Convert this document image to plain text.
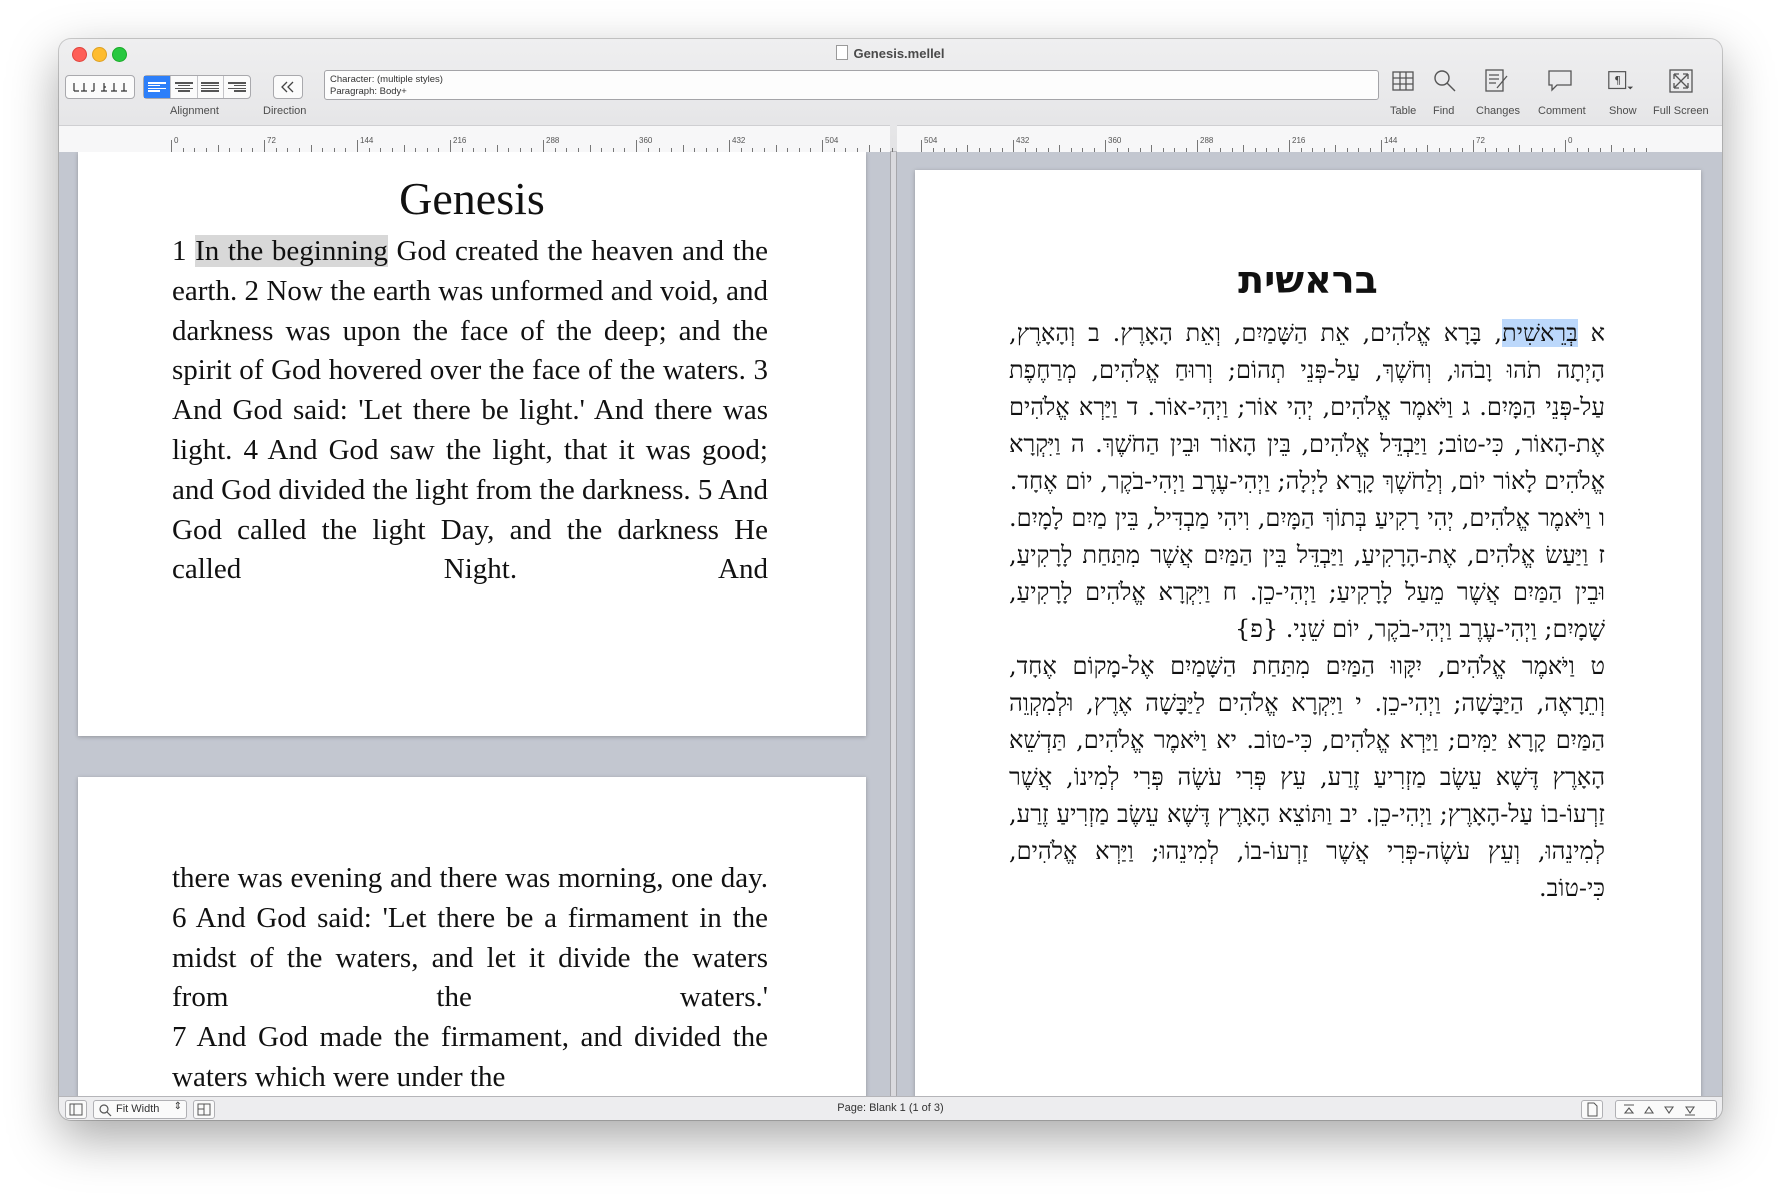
Genesis.mellel
Alignment	Direction
Character: (multiple styles)
Paragraph: Body+
Table Find Changes Comment
¶
Show Full Screen
0	72	144	216	288	360	432	504	504	432	360	288	216	144	72	0
Genesis
1 In the beginning God created the heaven and the earth. 2 Now the earth was unformed and void, and darkness was upon the face of the deep; and the spirit of God hovered over the face of the waters. 3 And God said: 'Let there be light.' And there was light. 4 And God saw the light, that it was good; and God divided the light from the darkness. 5 And God called the light Day, and the darkness He called Night. And
there was evening and there was morning, one day. 6 And God said: 'Let there be a firmament in the midst of the waters, and let it divide the waters from the waters.'
7 And God made the firmament, and divided the waters which were under the
בראשית
א בְּרֵאשִׁית, בָּרָא אֱלֹהִים, אֵת הַשָּׁמַיִם, וְאֵת הָאָרֶץ. ב וְהָאָרֶץ, הָיְתָה תֹהוּ וָבֹהוּ, וְחֹשֶׁךְ, עַל-פְּנֵי תְהוֹם; וְרוּחַ אֱלֹהִים, מְרַחֶפֶת עַל-פְּנֵי הַמָּיִם. ג וַיֹּאמֶר אֱלֹהִים, יְהִי אוֹר; וַיְהִי-אוֹר. ד וַיַּרְא אֱלֹהִים אֶת-הָאוֹר, כִּי-טוֹב; וַיַּבְדֵּל אֱלֹהִים, בֵּין הָאוֹר וּבֵין הַחֹשֶׁךְ. ה וַיִּקְרָא אֱלֹהִים לָאוֹר יוֹם, וְלַחֹשֶׁךְ קָרָא לָיְלָה; וַיְהִי-עֶרֶב וַיְהִי-בֹקֶר, יוֹם אֶחָד.
ו וַיֹּאמֶר אֱלֹהִים, יְהִי רָקִיעַ בְּתוֹךְ הַמָּיִם, וִיהִי מַבְדִּיל, בֵּין מַיִם לָמָיִם. ז וַיַּעַשׂ אֱלֹהִים, אֶת-הָרָקִיעַ, וַיַּבְדֵּל בֵּין הַמַּיִם אֲשֶׁר מִתַּחַת לָרָקִיעַ, וּבֵין הַמַּיִם אֲשֶׁר מֵעַל לָרָקִיעַ; וַיְהִי-כֵן. ח וַיִּקְרָא אֱלֹהִים לָרָקִיעַ, שָׁמָיִם; וַיְהִי-עֶרֶב וַיְהִי-בֹקֶר, יוֹם שֵׁנִי. {פ}
ט וַיֹּאמֶר אֱלֹהִים, יִקָּווּ הַמַּיִם מִתַּחַת הַשָּׁמַיִם אֶל-מָקוֹם אֶחָד, וְתֵרָאֶה, הַיַּבָּשָׁה; וַיְהִי-כֵן. י וַיִּקְרָא אֱלֹהִים לַיַּבָּשָׁה אֶרֶץ, וּלְמִקְוֵה הַמַּיִם קָרָא יַמִּים; וַיַּרְא אֱלֹהִים, כִּי-טוֹב. יא וַיֹּאמֶר אֱלֹהִים, תַּדְשֵׁא הָאָרֶץ דֶּשֶׁא עֵשֶׂב מַזְרִיעַ זֶרַע, עֵץ פְּרִי עֹשֶׂה פְּרִי לְמִינוֹ, אֲשֶׁר זַרְעוֹ-בוֹ עַל-הָאָרֶץ; וַיְהִי-כֵן. יב וַתּוֹצֵא הָאָרֶץ דֶּשֶׁא עֵשֶׂב מַזְרִיעַ זֶרַע, לְמִינֵהוּ, וְעֵץ עֹשֶׂה-פְּרִי אֲשֶׁר זַרְעוֹ-בוֹ, לְמִינֵהוּ; וַיַּרְא אֱלֹהִים, כִּי-טוֹב.
Fit Width ⇕	Page: Blank 1 (1 of 3)
